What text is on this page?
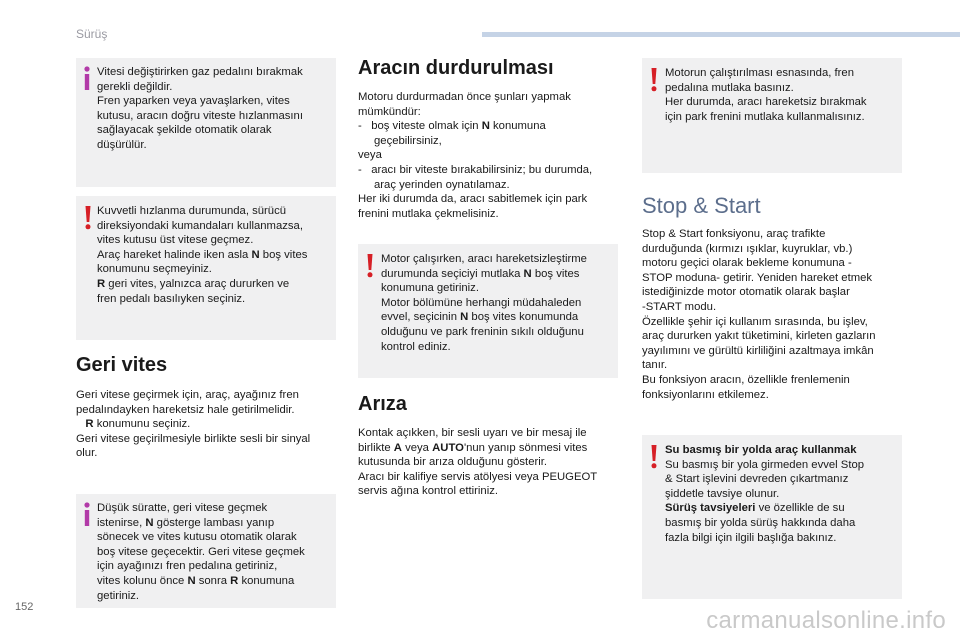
Sürüş
Vitesi değiştirirken gaz pedalını bırakmak
gerekli değildir.
Fren yaparken veya yavaşlarken, vites
kutusu, aracın doğru viteste hızlanmasını
sağlayacak şekilde otomatik olarak
düşürülür.
Kuvvetli hızlanma durumunda, sürücü
direksiyondaki kumandaları kullanmazsa,
vites kutusu üst vitese geçmez.
Araç hareket halinde iken asla N boş vites
konumunu seçmeyiniz.
R geri vites, yalnızca araç dururken ve
fren pedalı basılıyken seçiniz.
Geri vites
Geri vitese geçirmek için, araç, ayağınız fren
pedalındayken hareketsiz hale getirilmelidir.
R konumunu seçiniz.
Geri vitese geçirilmesiyle birlikte sesli bir sinyal
olur.
Düşük süratte, geri vitese geçmek
istenirse, N gösterge lambası yanıp
sönecek ve vites kutusu otomatik olarak
boş vitese geçecektir. Geri vitese geçmek
için ayağınızı fren pedalına getiriniz,
vites kolunu önce N sonra R konumuna
getiriniz.
Aracın durdurulması
Motoru durdurmadan önce şunları yapmak
mümkündür:
- boş viteste olmak için N konumuna
geçebilirsiniz,
veya
- aracı bir viteste bırakabilirsiniz; bu durumda,
araç yerinden oynatılamaz.
Her iki durumda da, aracı sabitlemek için park
frenini mutlaka çekmelisiniz.
Motor çalışırken, aracı hareketsizleştirme
durumunda seçiciyi mutlaka N boş vites
konumuna getiriniz.
Motor bölümüne herhangi müdahaleden
evvel, seçicinin N boş vites konumunda
olduğunu ve park freninin sıkılı olduğunu
kontrol ediniz.
Arıza
Kontak açıkken, bir sesli uyarı ve bir mesaj ile
birlikte A veya AUTO'nun yanıp sönmesi vites
kutusunda bir arıza olduğunu gösterir.
Aracı bir kalifiye servis atölyesi veya PEUGEOT
servis ağına kontrol ettiriniz.
Motorun çalıştırılması esnasında, fren
pedalına mutlaka basınız.
Her durumda, aracı hareketsiz bırakmak
için park frenini mutlaka kullanmalısınız.
Stop & Start
Stop & Start fonksiyonu, araç trafikte
durduğunda (kırmızı ışıklar, kuyruklar, vb.)
motoru geçici olarak bekleme konumuna -
STOP moduna- getirir. Yeniden hareket etmek
istediğinizde motor otomatik olarak başlar
-START modu.
Özellikle şehir içi kullanım sırasında, bu işlev,
araç dururken yakıt tüketimini, kirleten gazların
yayılımını ve gürültü kirliliğini azaltmaya imkân
tanır.
Bu fonksiyon aracın, özellikle frenlemenin
fonksiyonlarını etkilemez.
Su basmış bir yolda araç kullanmak
Su basmış bir yola girmeden evvel Stop
& Start işlevini devreden çıkartmanız
şiddetle tavsiye olunur.
Sürüş tavsiyeleri ve özellikle de su
basmış bir yolda sürüş hakkında daha
fazla bilgi için ilgili başlığa bakınız.
152	carmanualsonline.info
